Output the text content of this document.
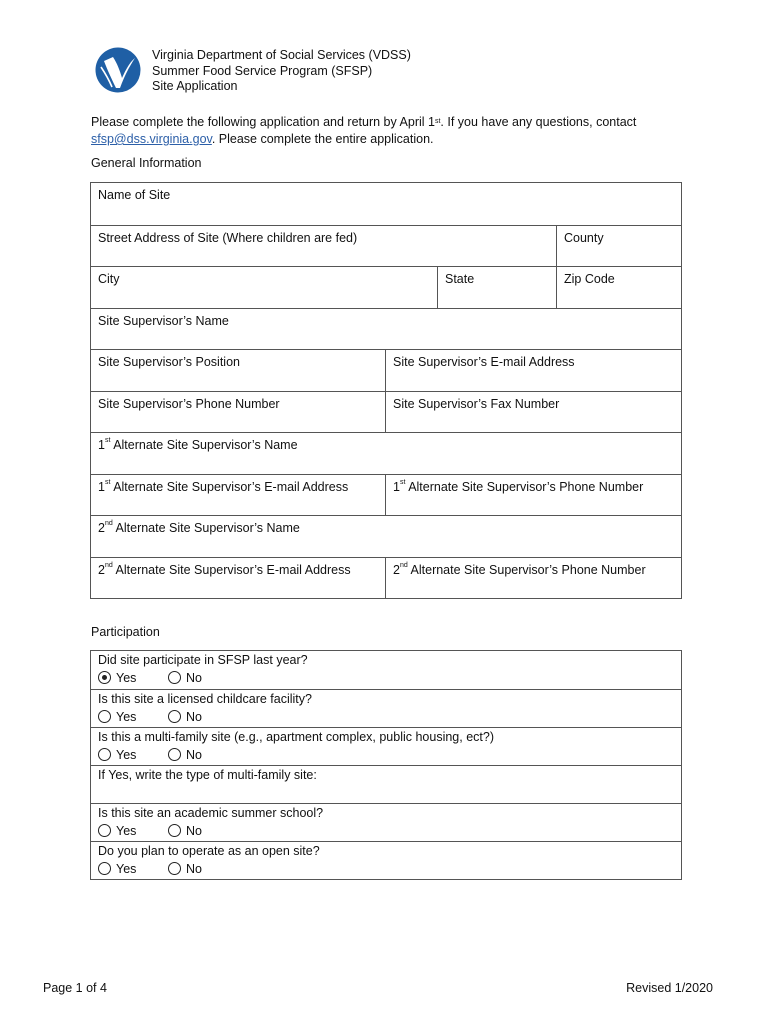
Virginia Department of Social Services (VDSS)
Summer Food Service Program (SFSP)
Site Application
Please complete the following application and return by April 1st. If you have any questions, contact
sfsp@dss.virginia.gov. Please complete the entire application.
General Information
Name of Site
Street Address of Site (Where children are fed)	County
City	State	Zip Code
Site Supervisor’s Name
Site Supervisor’s Position	Site Supervisor’s E-mail Address
Site Supervisor’s Phone Number	Site Supervisor’s Fax Number
1st Alternate Site Supervisor’s Name
1st Alternate Site Supervisor’s E-mail Address	1st Alternate Site Supervisor’s Phone Number
2nd Alternate Site Supervisor’s Name
2nd Alternate Site Supervisor’s E-mail Address	2nd Alternate Site Supervisor’s Phone Number
Participation
Did site participate in SFSP last year?
Yes	No
Is this site a licensed childcare facility?
Yes	No
Is this a multi-family site (e.g., apartment complex, public housing, ect?)
Yes	No
If Yes, write the type of multi-family site:
Is this site an academic summer school?
Yes	No
Do you plan to operate as an open site?
Yes	No
Page 1 of 4	Revised 1/2020
